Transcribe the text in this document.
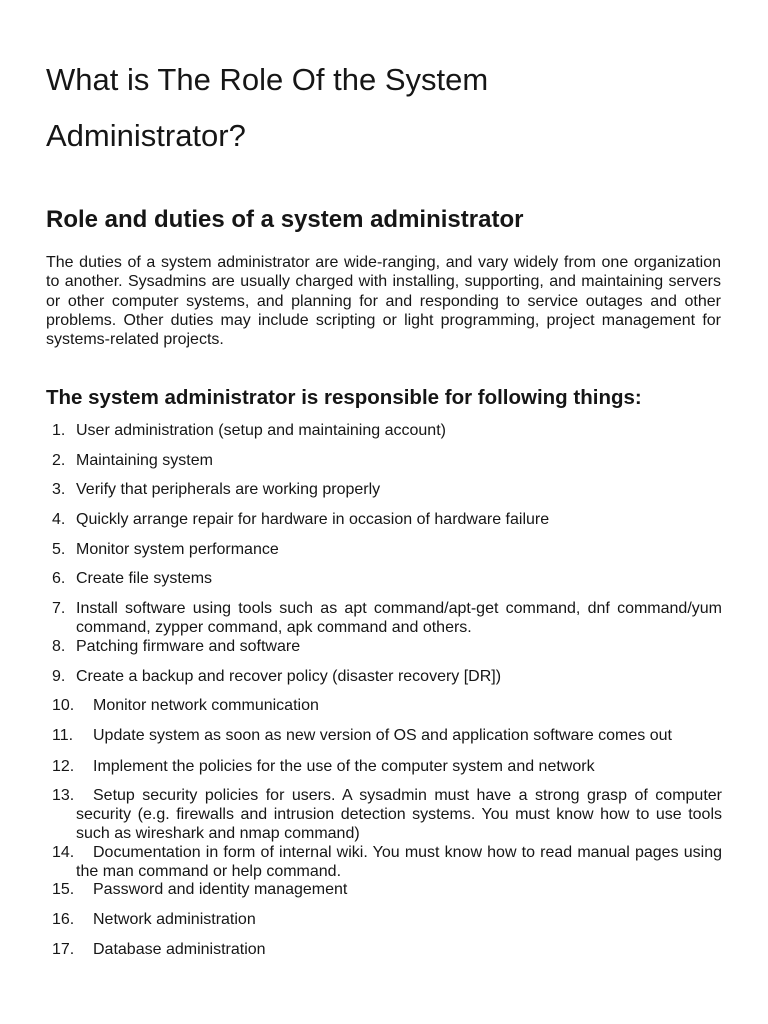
What is The Role Of the System Administrator?
Role and duties of a system administrator

The duties of a system administrator are wide-ranging, and vary widely from one organization to another. Sysadmins are usually charged with installing, supporting, and maintaining servers or other computer systems, and planning for and responding to service outages and other problems. Other duties may include scripting or light programming, project management for systems-related projects.

The system administrator is responsible for following things:
1. User administration (setup and maintaining account)
2. Maintaining system
3. Verify that peripherals are working properly
4. Quickly arrange repair for hardware in occasion of hardware failure
5. Monitor system performance
6. Create file systems
7. Install software using tools such as apt command/apt-get command, dnf command/yum command, zypper command, apk command and others.
8. Patching firmware and software
9. Create a backup and recover policy (disaster recovery [DR])
10.	Monitor network communication
11.	Update system as soon as new version of OS and application software comes out
12.	Implement the policies for the use of the computer system and network
13.	Setup security policies for users. A sysadmin must have a strong grasp of computer security (e.g. firewalls and intrusion detection systems. You must know how to use tools such as wireshark and nmap command)
14.	Documentation in form of internal wiki. You must know how to read manual pages using the man command or help command.
15.	Password and identity management
16.	Network administration
17.	Database administration
